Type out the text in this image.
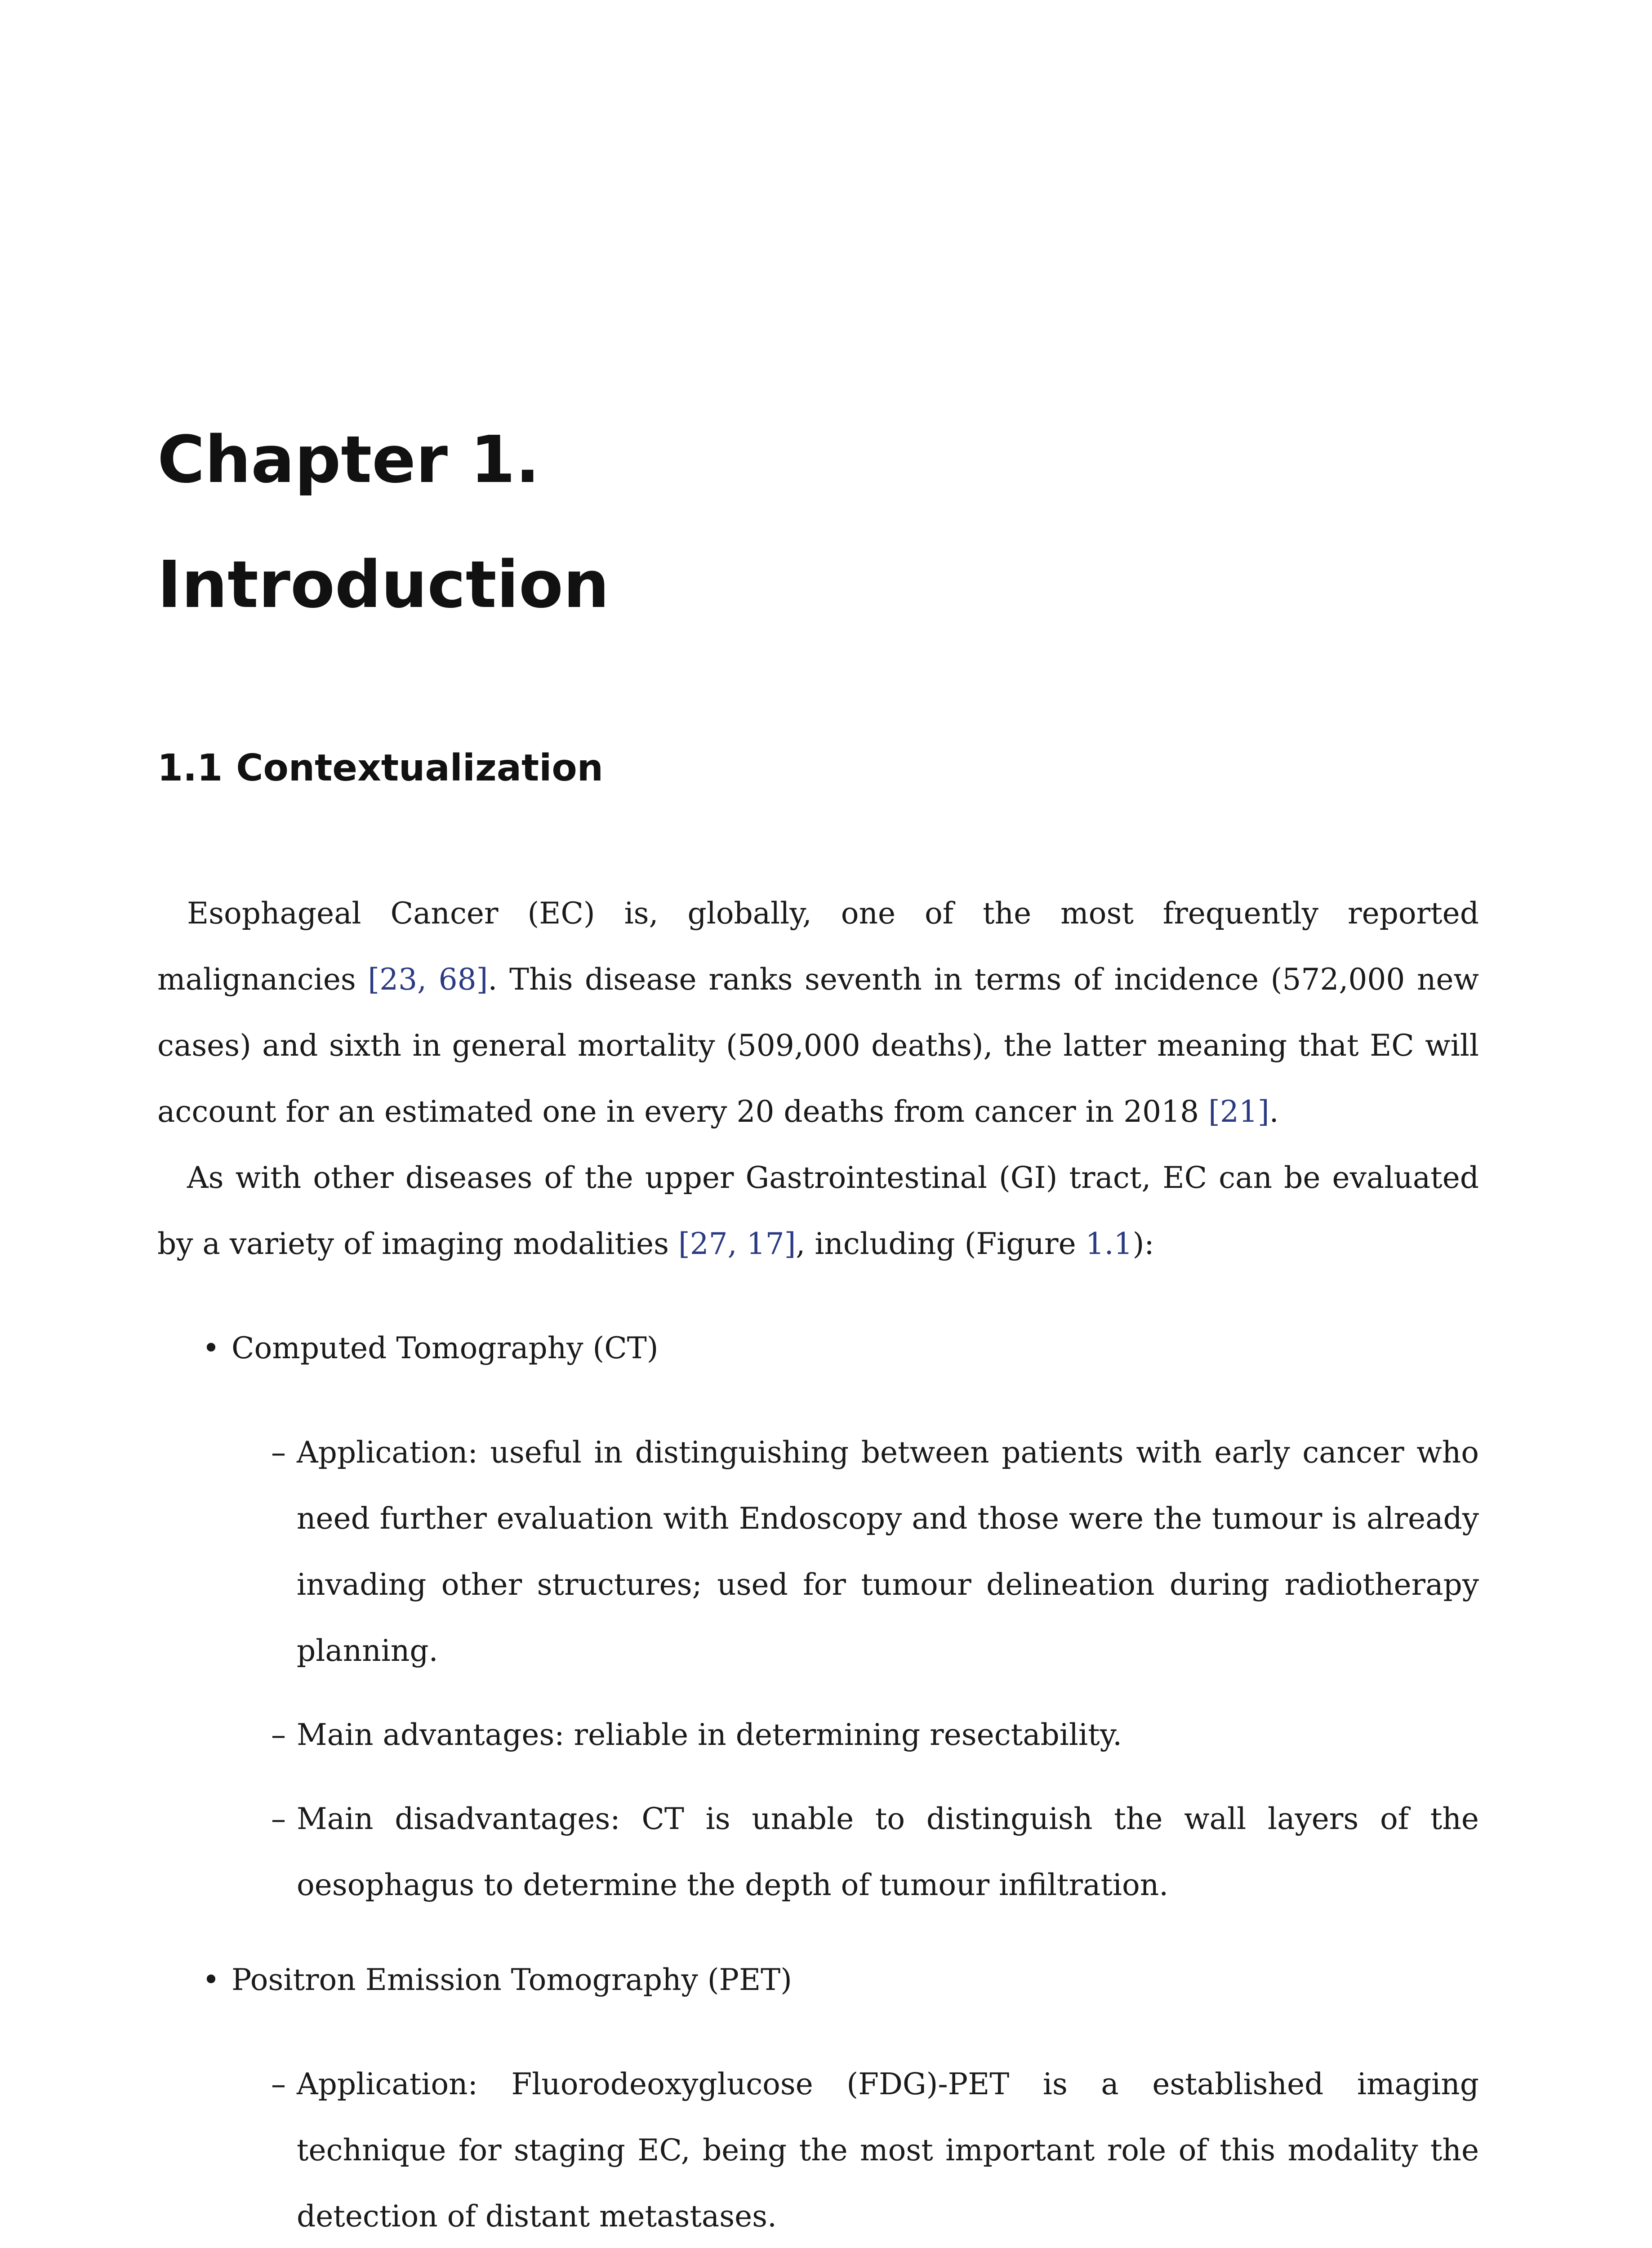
Chapter 1.
Introduction
1.1 Contextualization

Esophageal Cancer (EC) is, globally, one of the most frequently reported malignancies [23, 68]. This disease ranks seventh in terms of incidence (572,000 new cases) and sixth in general mortality (509,000 deaths), the latter meaning that EC will account for an estimated one in every 20 deaths from cancer in 2018 [21].

As with other diseases of the upper Gastrointestinal (GI) tract, EC can be evaluated by a variety of imaging modalities [27, 17], including (Figure 1.1):

• Computed Tomography (CT)
– Application: useful in distinguishing between patients with early cancer who need further evaluation with Endoscopy and those were the tumour is already invading other structures; used for tumour delineation during radiotherapy planning.
– Main advantages: reliable in determining resectability.
– Main disadvantages: CT is unable to distinguish the wall layers of the oesophagus to determine the depth of tumour infiltration.
• Positron Emission Tomography (PET)
– Application: Fluorodeoxyglucose (FDG)-PET is a established imaging technique for staging EC, being the most important role of this modality the detection of distant metastases.
